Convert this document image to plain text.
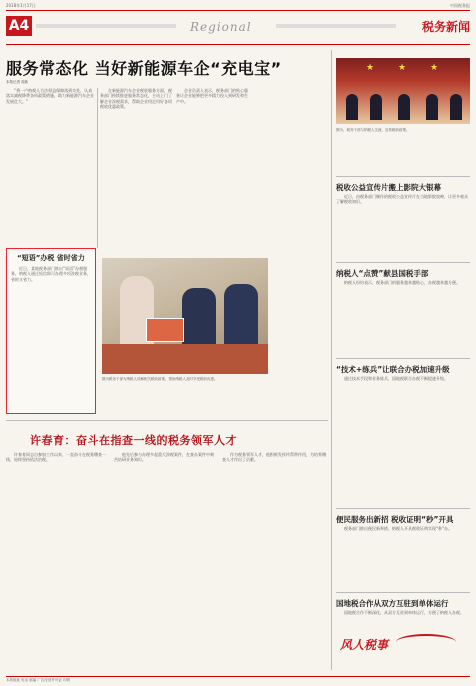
2018年1月17日	中国税务报
A4	Regional	税务新闻
服务常态化 当好新能源车企“充电宝”
本报记者 周新
“将一户纳税人合法权益保障落到实处，认真落实减税降费各项政策措施，助力新能源汽车企业发展壮大。”
在新能源汽车企业税收服务方面，税务部门持续推进服务常态化，主动上门了解企业涉税需求，帮助企业用足用好各项税收优惠政策。
企业负责人表示，税务部门的贴心服务让企业能够把更多精力投入到研发和生产中。
“短语”办税 省时省力
近日，某地税务部门推出“短语”办税服务，纳税人通过短信即可办理多项涉税业务，省时又省力。
图为税务干部为纳税人讲解相关税收政策，帮助纳税人及时享受税收优惠。
许春育：奋斗在指查一线的税务领军人才
许春育同志自参加工作以来，一直奋斗在税务稽查一线，始终坚持依法治税。
他先后参与办理多起重大涉税案件，在查办案件中刻苦钻研业务知识。
作为税务领军人才，他积极发挥传帮带作用，为培养稽查人才作出了贡献。
★	★	★
图为，税务干部与纳税人交流，宣传税收政策。
税收公益宣传片搬上影院大银幕
近日，由税务部门制作的税收公益宣传片在当地影院放映，让更多观众了解税收知识。
纳税人“点赞”献县国税手部
纳税人纷纷表示，税务部门的服务越来越贴心，办税越来越方便。
“技术+练兵”让联合办税加速升级
通过技术手段和业务练兵，国地税联合办税不断提速升级。
便民服务出新招 税收证明“秒”开具
税务部门推出便民新举措，纳税人开具税收证明实现“秒”办。
国地税合作从双方互驻到单体运行
国地税合作不断深化，从双方互驻到单体运行，方便了纳税人办税。
风人税事
本报地址 电话 邮编 广告经营许可证 印刷
